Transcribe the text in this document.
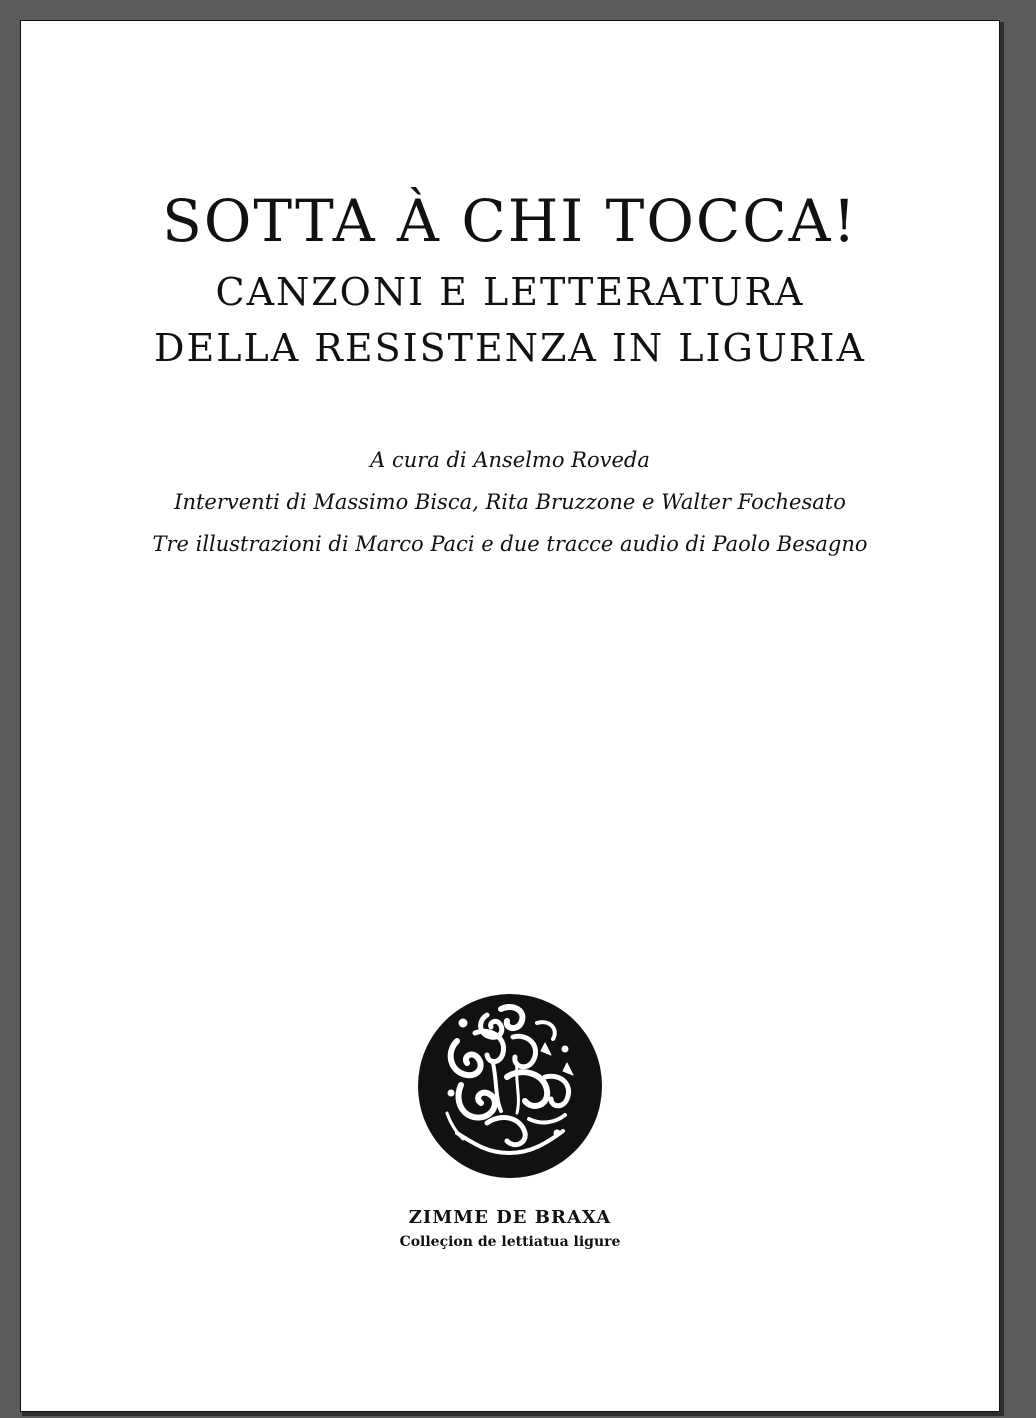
SOTTA À CHI TOCCA!

CANZONI E LETTERATURA

DELLA RESISTENZA IN LIGURIA

A cura di Anselmo Roveda

Interventi di Massimo Bisca, Rita Bruzzone e Walter Fochesato

Tre illustrazioni di Marco Paci e due tracce audio di Paolo Besagno

ZIMME DE BRAXA

Colleçion de lettiatua ligure
